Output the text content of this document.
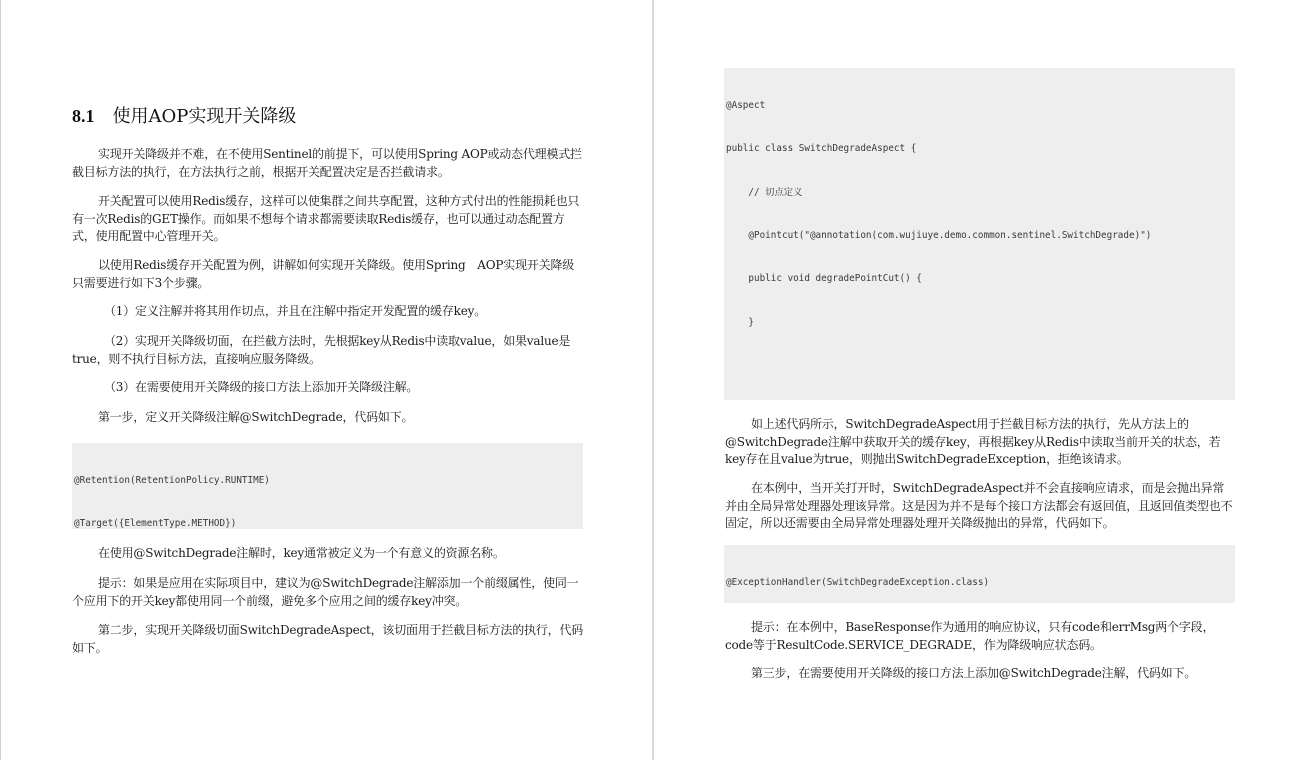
8.1 使用AOP实现开关降级
实现开关降级并不难，在不使用Sentinel的前提下，可以使用Spring AOP或动态代理模式拦截目标方法的执行，在方法执行之前，根据开关配置决定是否拦截请求。
开关配置可以使用Redis缓存，这样可以使集群之间共享配置，这种方式付出的性能损耗也只有一次Redis的GET操作。而如果不想每个请求都需要读取Redis缓存，也可以通过动态配置方式，使用配置中心管理开关。
以使用Redis缓存开关配置为例，讲解如何实现开关降级。使用Spring　AOP实现开关降级只需要进行如下3个步骤。
（1）定义注解并将其用作切点，并且在注解中指定开发配置的缓存key。
（2）实现开关降级切面，在拦截方法时，先根据key从Redis中读取value，如果value是true，则不执行目标方法，直接响应服务降级。
（3）在需要使用开关降级的接口方法上添加开关降级注解。
第一步，定义开关降级注解@SwitchDegrade，代码如下。

@Retention(RetentionPolicy.RUNTIME)

@Target({ElementType.METHOD})

在使用@SwitchDegrade注解时，key通常被定义为一个有意义的资源名称。
提示：如果是应用在实际项目中，建议为@SwitchDegrade注解添加一个前缀属性，使同一个应用下的开关key都使用同一个前缀，避免多个应用之间的缓存key冲突。
第二步，实现开关降级切面SwitchDegradeAspect，该切面用于拦截目标方法的执行，代码如下。

@Aspect

public class SwitchDegradeAspect {

// 切点定义

@Pointcut("@annotation(com.wujiuye.demo.common.sentinel.SwitchDegrade)")

public void degradePointCut() {

}

如上述代码所示，SwitchDegradeAspect用于拦截目标方法的执行，先从方法上的@SwitchDegrade注解中获取开关的缓存key，再根据key从Redis中读取当前开关的状态，若key存在且value为true，则抛出SwitchDegradeException，拒绝该请求。
在本例中，当开关打开时，SwitchDegradeAspect并不会直接响应请求，而是会抛出异常并由全局异常处理器处理该异常。这是因为并不是每个接口方法都会有返回值，且返回值类型也不固定，所以还需要由全局异常处理器处理开关降级抛出的异常，代码如下。

@ExceptionHandler(SwitchDegradeException.class)

提示：在本例中，BaseResponse作为通用的响应协议，只有code和errMsg两个字段，code等于ResultCode.SERVICE_DEGRADE，作为降级响应状态码。
第三步，在需要使用开关降级的接口方法上添加@SwitchDegrade注解，代码如下。
